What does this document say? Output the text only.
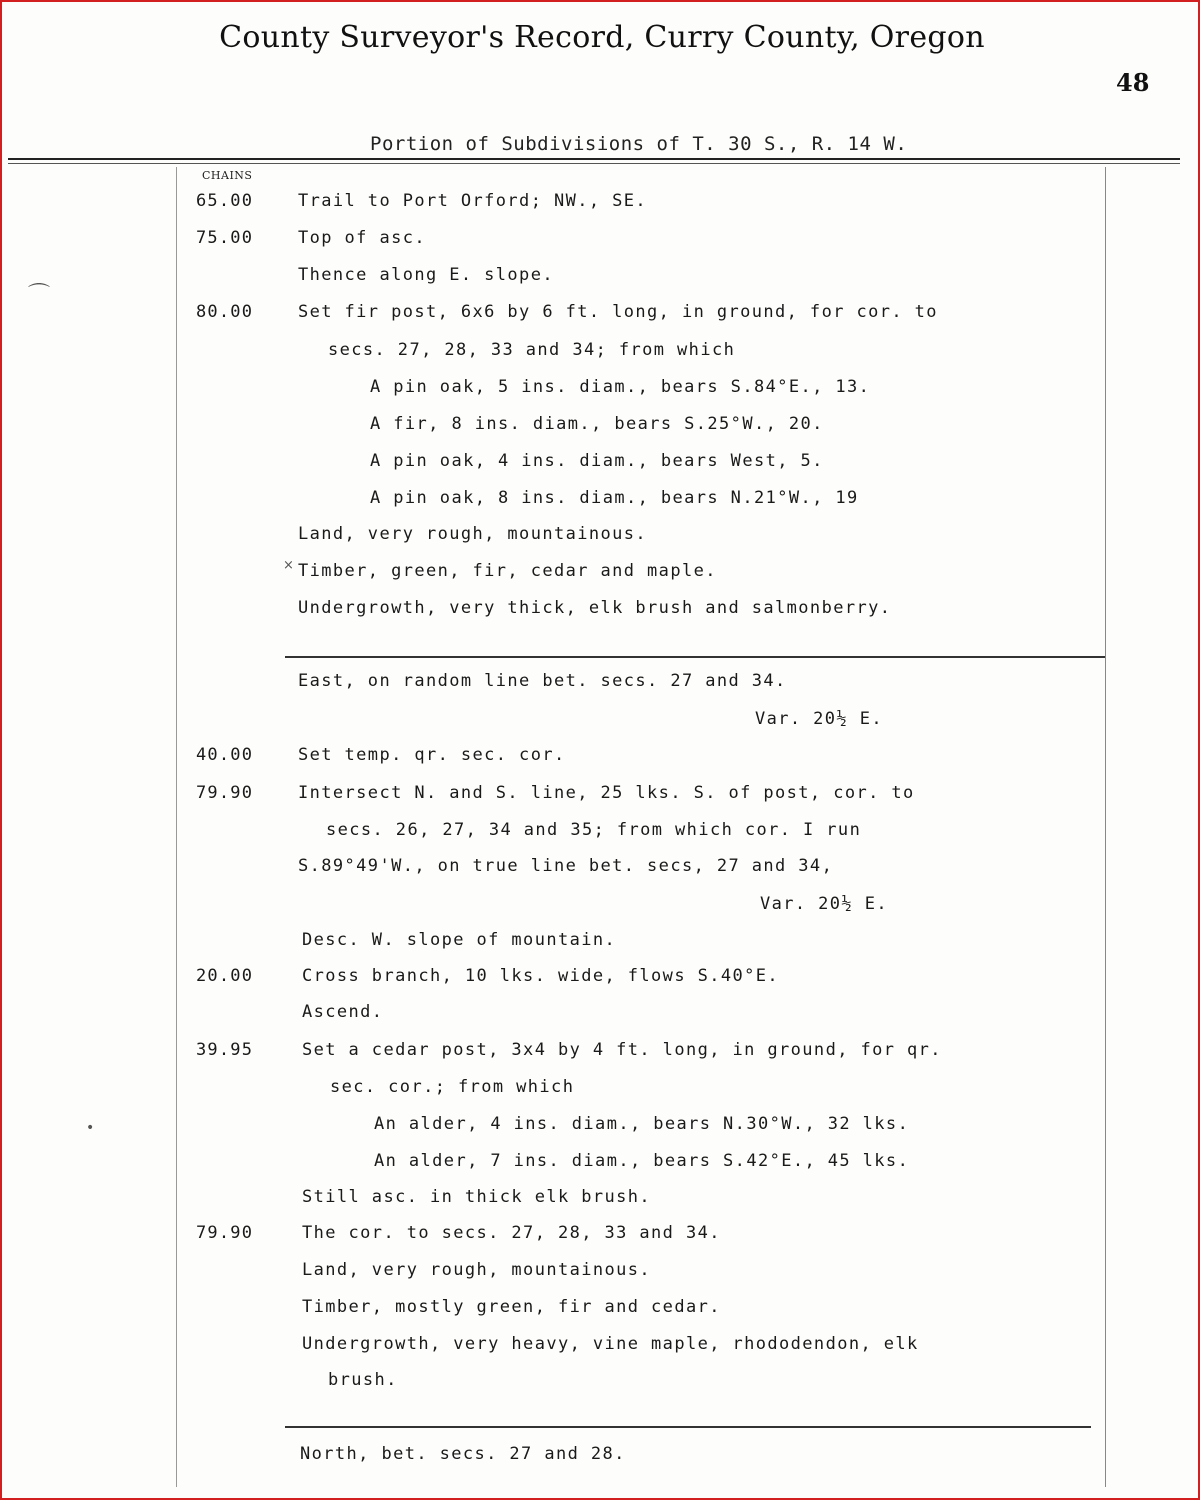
County Surveyor's Record, Curry County, Oregon
48
Portion of Subdivisions of T. 30 S., R. 14 W.
CHAINS
65.00	Trail to Port Orford; NW., SE.
75.00	Top of asc.
Thence along E. slope.
80.00	Set fir post, 6x6 by 6 ft. long, in ground, for cor. to
secs. 27, 28, 33 and 34; from which
A pin oak, 5 ins. diam., bears S.84°E., 13.
A fir, 8 ins. diam., bears S.25°W., 20.
A pin oak, 4 ins. diam., bears West, 5.
A pin oak, 8 ins. diam., bears N.21°W., 19
Land, very rough, mountainous.
× Timber, green, fir, cedar and maple.
Undergrowth, very thick, elk brush and salmonberry.
East, on random line bet. secs. 27 and 34.
Var. 20½ E.
40.00	Set temp. qr. sec. cor.
79.90	Intersect N. and S. line, 25 lks. S. of post, cor. to
secs. 26, 27, 34 and 35; from which cor. I run
S.89°49'W., on true line bet. secs, 27 and 34,
Var. 20½ E.
Desc. W. slope of mountain.
20.00	Cross branch, 10 lks. wide, flows S.40°E.
Ascend.
39.95	Set a cedar post, 3x4 by 4 ft. long, in ground, for qr.
sec. cor.; from which
An alder, 4 ins. diam., bears N.30°W., 32 lks.
An alder, 7 ins. diam., bears S.42°E., 45 lks.
Still asc. in thick elk brush.
79.90	The cor. to secs. 27, 28, 33 and 34.
Land, very rough, mountainous.
Timber, mostly green, fir and cedar.
Undergrowth, very heavy, vine maple, rhododendon, elk
brush.
North, bet. secs. 27 and 28.
⌒
•
